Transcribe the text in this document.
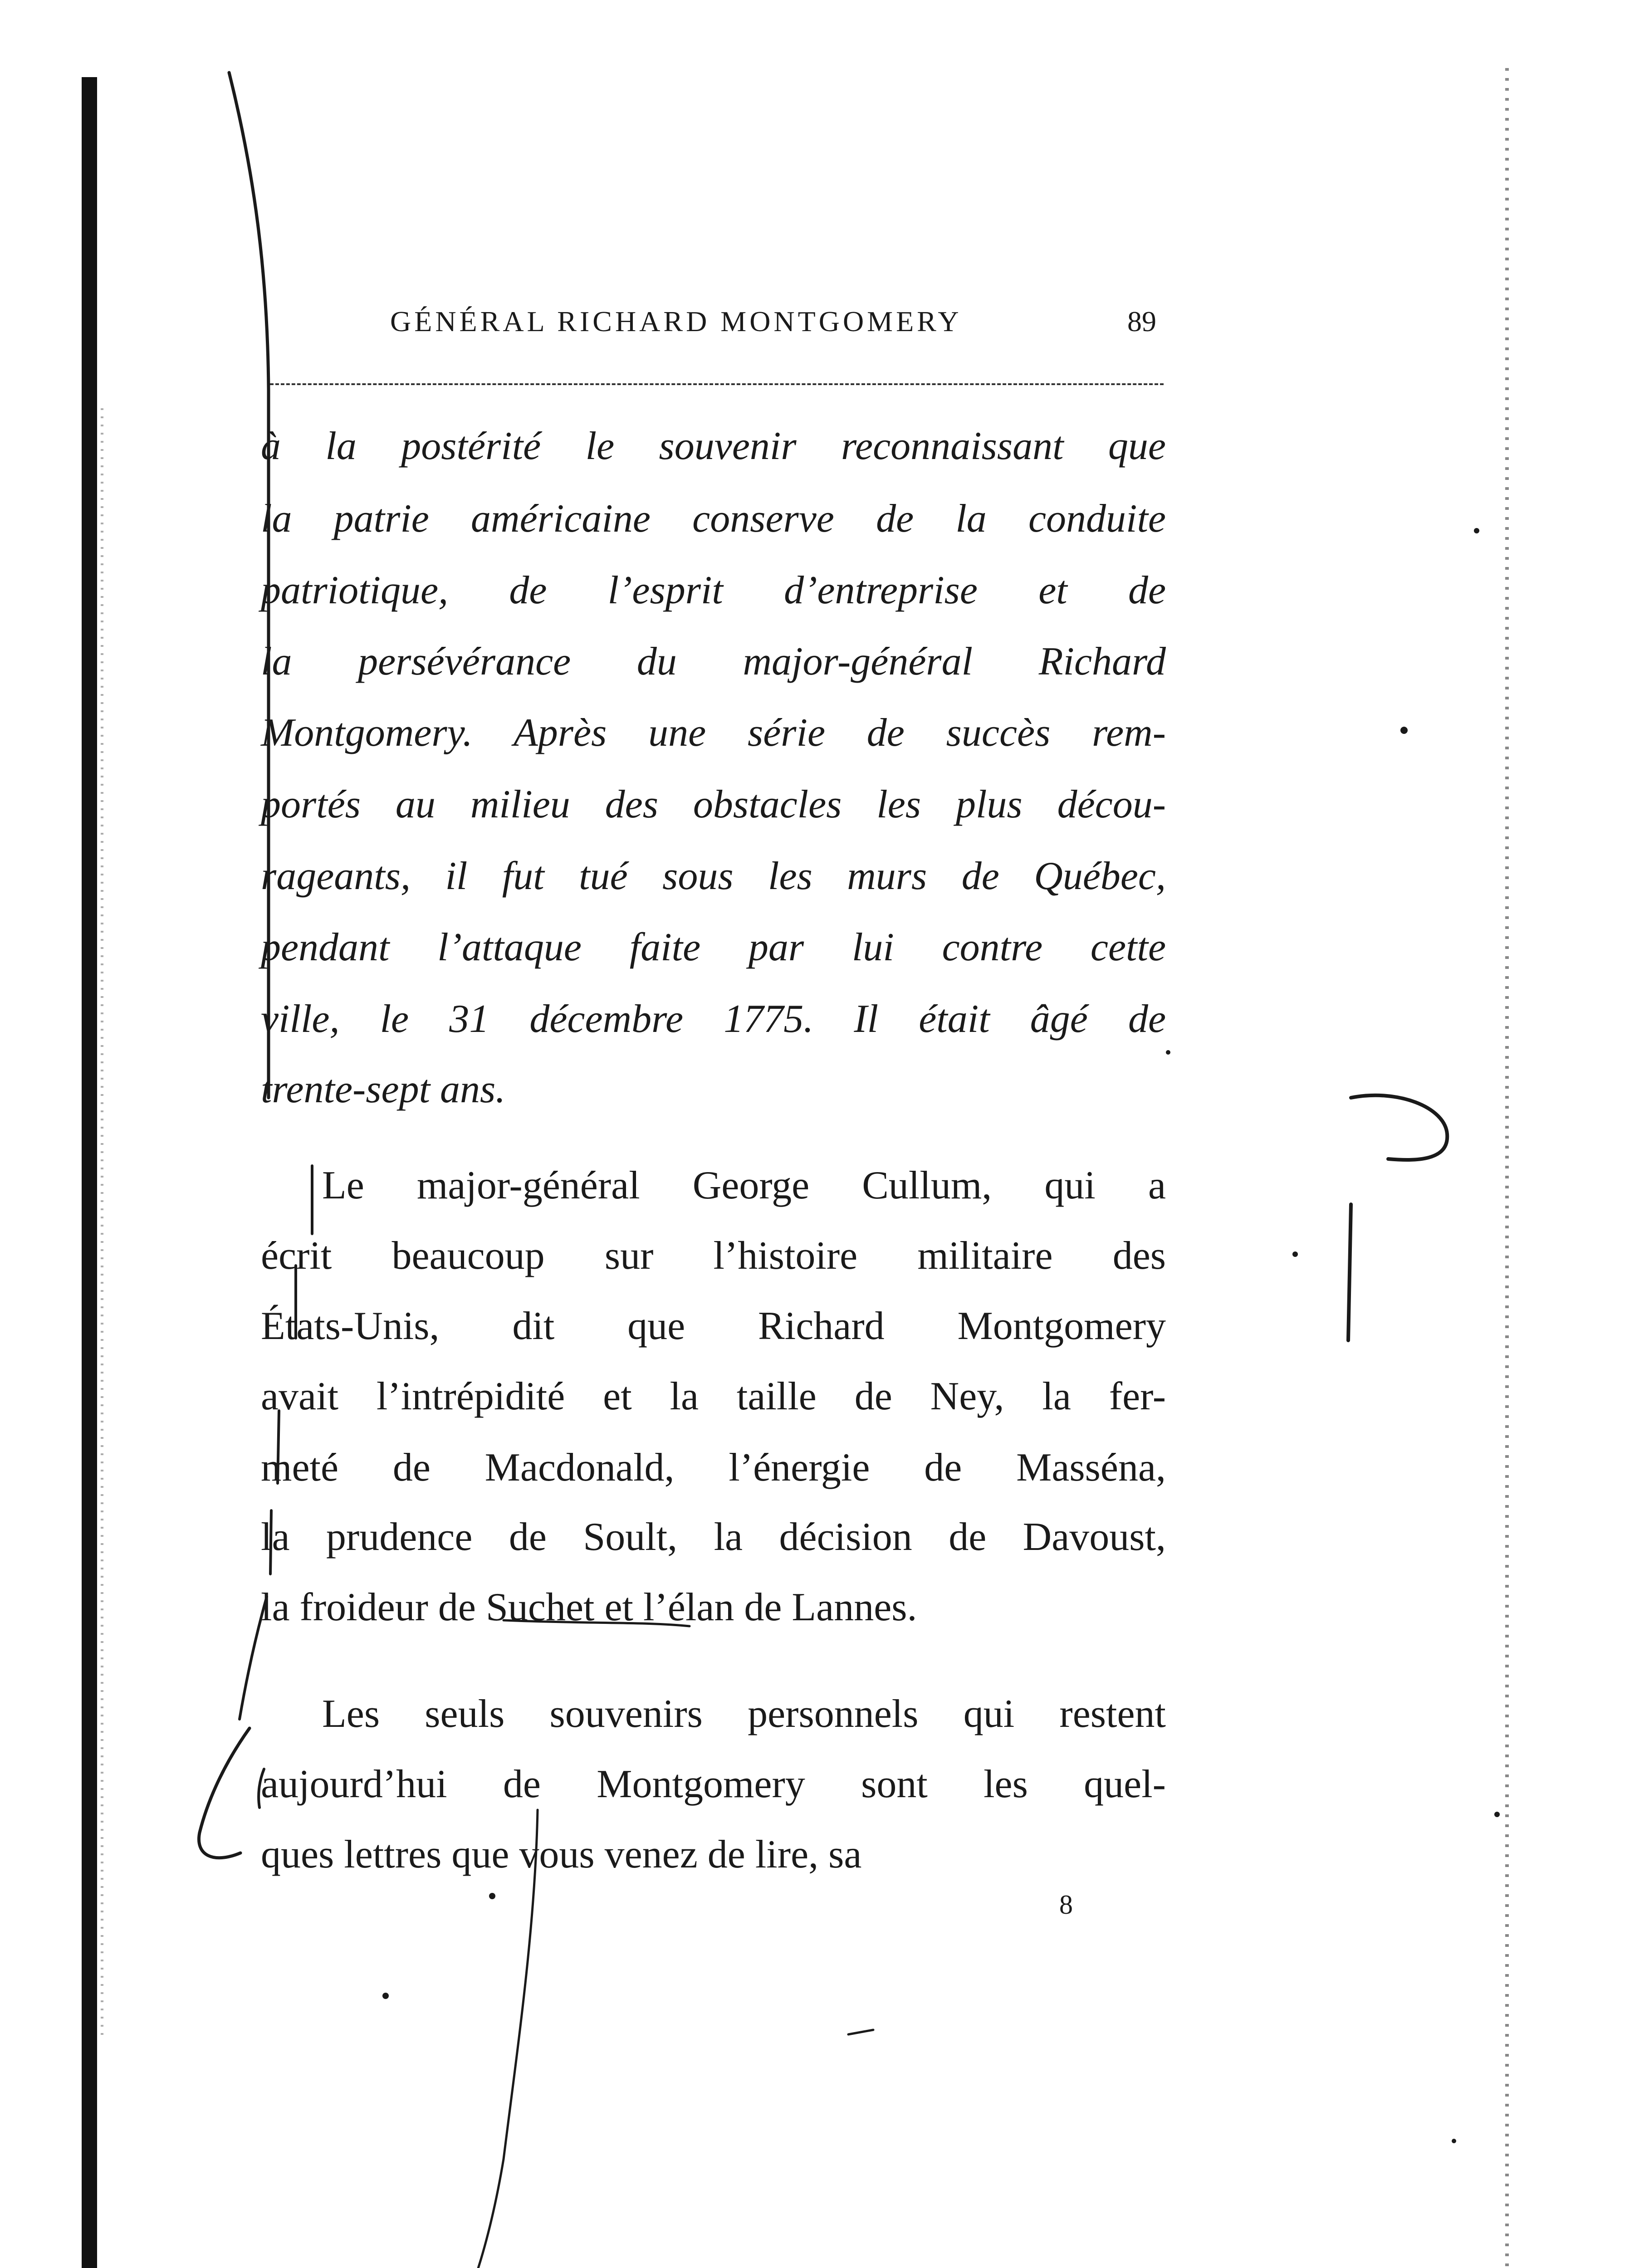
GÉNÉRAL RICHARD MONTGOMERY	89
à la postérité le souvenir reconnaissant que
la patrie américaine conserve de la conduite
patriotique, de l’esprit d’entreprise et de
la persévérance du major-général Richard
Montgomery. Après une série de succès rem-
portés au milieu des obstacles les plus décou-
rageants, il fut tué sous les murs de Québec,
pendant l’attaque faite par lui contre cette
ville, le 31 décembre 1775. Il était âgé de
trente-sept ans.
Le major-général George Cullum, qui a
écrit beaucoup sur l’histoire militaire des
États-Unis, dit que Richard Montgomery
avait l’intrépidité et la taille de Ney, la fer-
meté de Macdonald, l’énergie de Masséna,
la prudence de Soult, la décision de Davoust,
la froideur de Suchet et l’élan de Lannes.
Les seuls souvenirs personnels qui restent
aujourd’hui de Montgomery sont les quel-
ques lettres que vous venez de lire, sa
8
